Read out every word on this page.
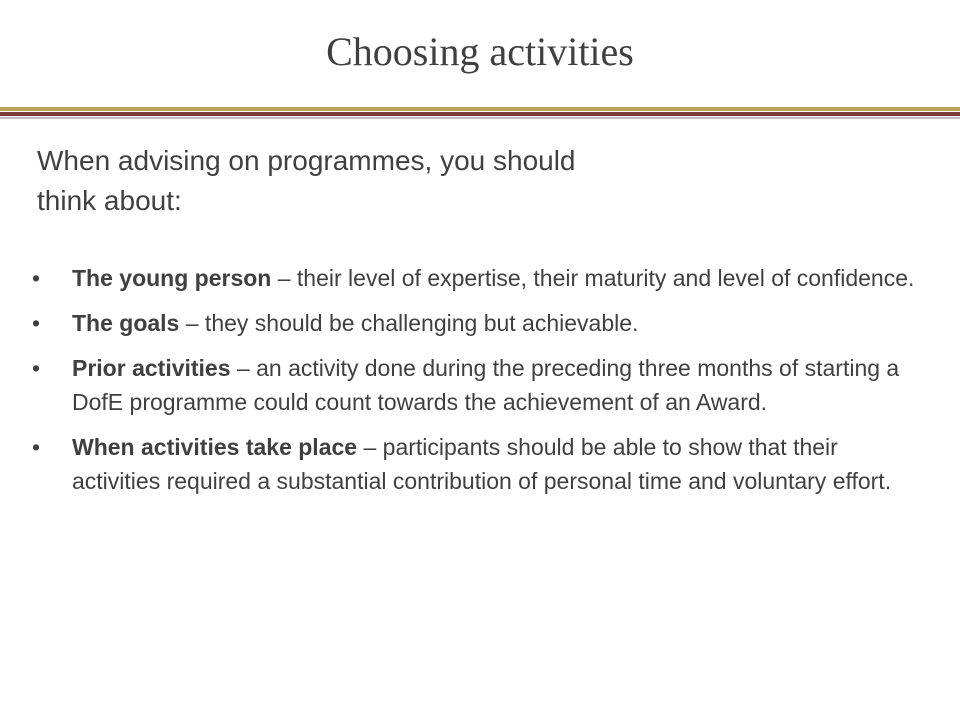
Choosing activities
When advising on programmes, you should
think about:
• The young person – their level of expertise, their maturity and level of confidence.
• The goals – they should be challenging but achievable.
• Prior activities – an activity done during the preceding three months of starting a DofE programme could count towards the achievement of an Award.
• When activities take place – participants should be able to show that their activities required a substantial contribution of personal time and voluntary effort.
